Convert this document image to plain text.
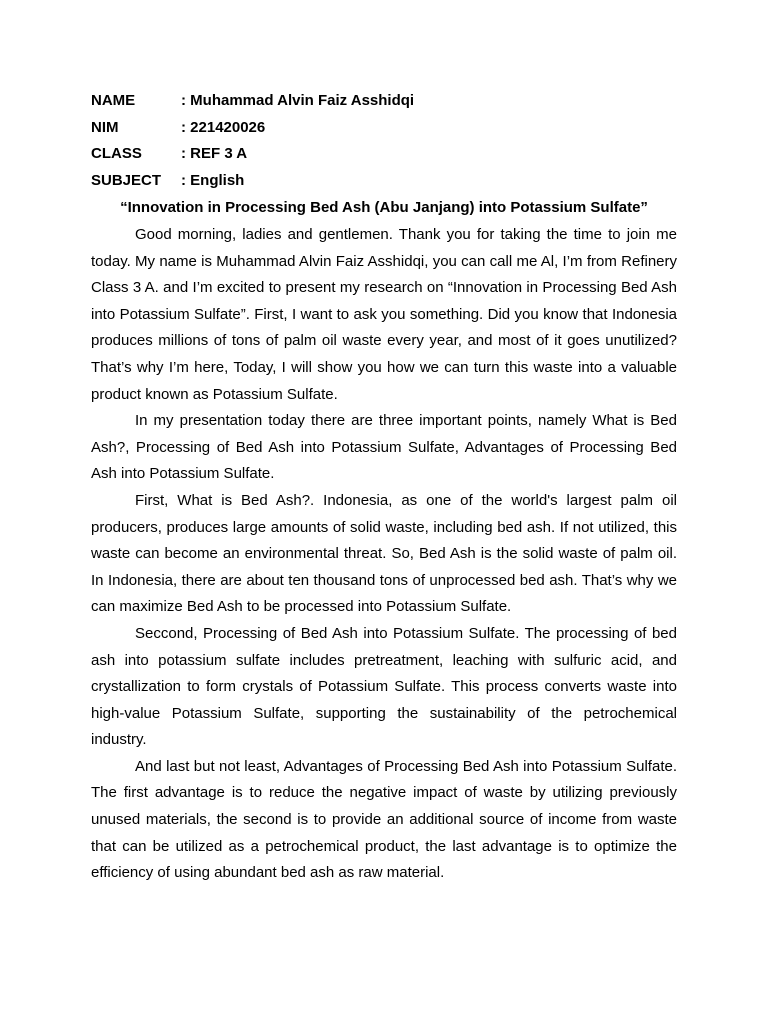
NAME	: Muhammad Alvin Faiz Asshidqi
NIM	: 221420026
CLASS	: REF 3 A
SUBJECT	: English

“Innovation in Processing Bed Ash (Abu Janjang) into Potassium Sulfate”

Good morning, ladies and gentlemen. Thank you for taking the time to join me today. My name is Muhammad Alvin Faiz Asshidqi, you can call me Al, I’m from Refinery Class 3 A. and I’m excited to present my research on “Innovation in Processing Bed Ash into Potassium Sulfate”. First, I want to ask you something. Did you know that Indonesia produces millions of tons of palm oil waste every year, and most of it goes unutilized? That’s why I’m here, Today, I will show you how we can turn this waste into a valuable product known as Potassium Sulfate.

In my presentation today there are three important points, namely What is Bed Ash?, Processing of Bed Ash into Potassium Sulfate, Advantages of Processing Bed Ash into Potassium Sulfate.

First, What is Bed Ash?. Indonesia, as one of the world's largest palm oil producers, produces large amounts of solid waste, including bed ash. If not utilized, this waste can become an environmental threat. So, Bed Ash is the solid waste of palm oil. In Indonesia, there are about ten thousand tons of unprocessed bed ash. That’s why we can maximize Bed Ash to be processed into Potassium Sulfate.

Seccond, Processing of Bed Ash into Potassium Sulfate. The processing of bed ash into potassium sulfate includes pretreatment, leaching with sulfuric acid, and crystallization to form crystals of Potassium Sulfate. This process converts waste into high-value Potassium Sulfate, supporting the sustainability of the petrochemical industry.

And last but not least, Advantages of Processing Bed Ash into Potassium Sulfate. The first advantage is to reduce the negative impact of waste by utilizing previously unused materials, the second is to provide an additional source of income from waste that can be utilized as a petrochemical product, the last advantage is to optimize the efficiency of using abundant bed ash as raw material.
